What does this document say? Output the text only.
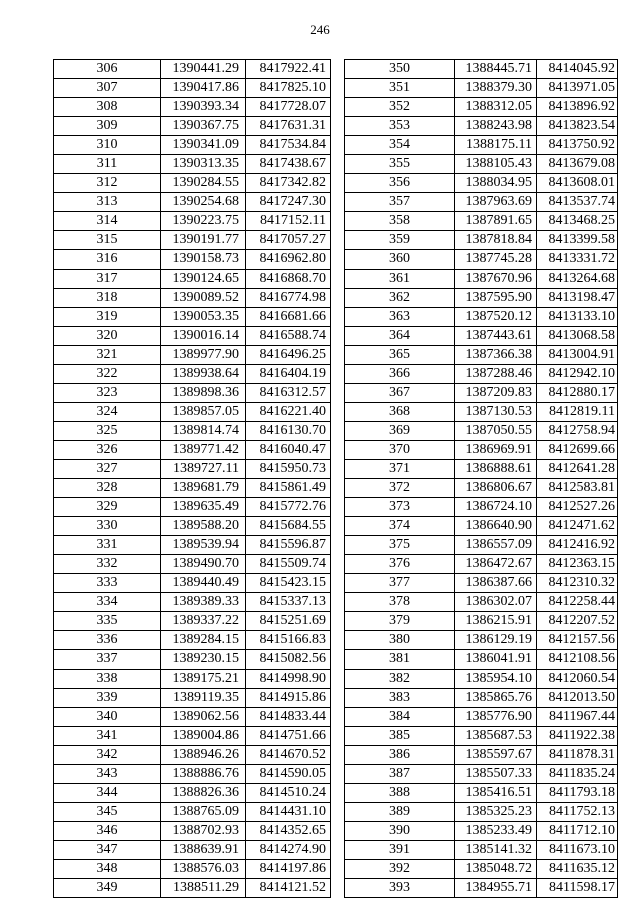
246
306	1390441.29	8417922.41
307	1390417.86	8417825.10
308	1390393.34	8417728.07
309	1390367.75	8417631.31
310	1390341.09	8417534.84
311	1390313.35	8417438.67
312	1390284.55	8417342.82
313	1390254.68	8417247.30
314	1390223.75	8417152.11
315	1390191.77	8417057.27
316	1390158.73	8416962.80
317	1390124.65	8416868.70
318	1390089.52	8416774.98
319	1390053.35	8416681.66
320	1390016.14	8416588.74
321	1389977.90	8416496.25
322	1389938.64	8416404.19
323	1389898.36	8416312.57
324	1389857.05	8416221.40
325	1389814.74	8416130.70
326	1389771.42	8416040.47
327	1389727.11	8415950.73
328	1389681.79	8415861.49
329	1389635.49	8415772.76
330	1389588.20	8415684.55
331	1389539.94	8415596.87
332	1389490.70	8415509.74
333	1389440.49	8415423.15
334	1389389.33	8415337.13
335	1389337.22	8415251.69
336	1389284.15	8415166.83
337	1389230.15	8415082.56
338	1389175.21	8414998.90
339	1389119.35	8414915.86
340	1389062.56	8414833.44
341	1389004.86	8414751.66
342	1388946.26	8414670.52
343	1388886.76	8414590.05
344	1388826.36	8414510.24
345	1388765.09	8414431.10
346	1388702.93	8414352.65
347	1388639.91	8414274.90
348	1388576.03	8414197.86
349	1388511.29	8414121.52
350	1388445.71	8414045.92
351	1388379.30	8413971.05
352	1388312.05	8413896.92
353	1388243.98	8413823.54
354	1388175.11	8413750.92
355	1388105.43	8413679.08
356	1388034.95	8413608.01
357	1387963.69	8413537.74
358	1387891.65	8413468.25
359	1387818.84	8413399.58
360	1387745.28	8413331.72
361	1387670.96	8413264.68
362	1387595.90	8413198.47
363	1387520.12	8413133.10
364	1387443.61	8413068.58
365	1387366.38	8413004.91
366	1387288.46	8412942.10
367	1387209.83	8412880.17
368	1387130.53	8412819.11
369	1387050.55	8412758.94
370	1386969.91	8412699.66
371	1386888.61	8412641.28
372	1386806.67	8412583.81
373	1386724.10	8412527.26
374	1386640.90	8412471.62
375	1386557.09	8412416.92
376	1386472.67	8412363.15
377	1386387.66	8412310.32
378	1386302.07	8412258.44
379	1386215.91	8412207.52
380	1386129.19	8412157.56
381	1386041.91	8412108.56
382	1385954.10	8412060.54
383	1385865.76	8412013.50
384	1385776.90	8411967.44
385	1385687.53	8411922.38
386	1385597.67	8411878.31
387	1385507.33	8411835.24
388	1385416.51	8411793.18
389	1385325.23	8411752.13
390	1385233.49	8411712.10
391	1385141.32	8411673.10
392	1385048.72	8411635.12
393	1384955.71	8411598.17
